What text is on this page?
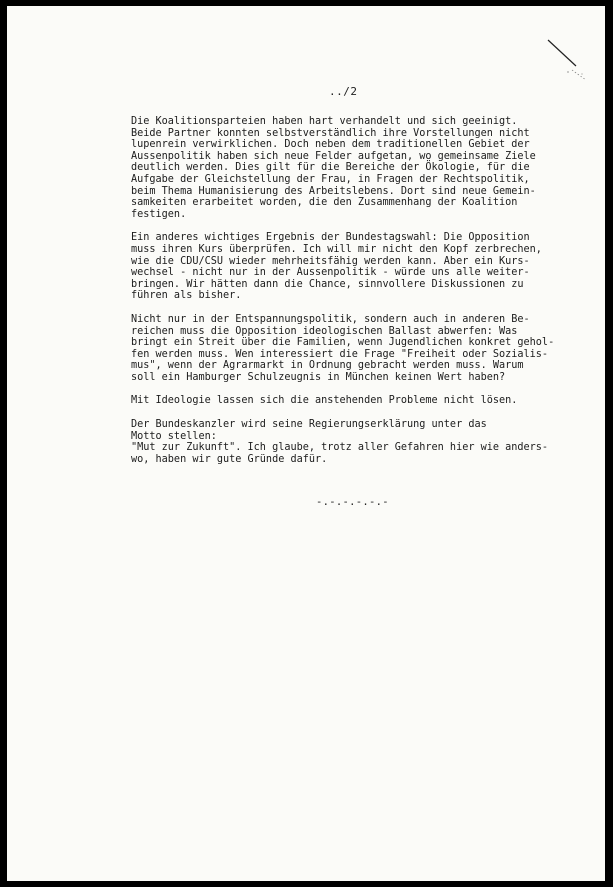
../2

Die Koalitionsparteien haben hart verhandelt und sich geeinigt.
Beide Partner konnten selbstverständlich ihre Vorstellungen nicht
lupenrein verwirklichen. Doch neben dem traditionellen Gebiet der
Aussenpolitik haben sich neue Felder aufgetan, wo gemeinsame Ziele
deutlich werden. Dies gilt für die Bereiche der Ökologie, für die
Aufgabe der Gleichstellung der Frau, in Fragen der Rechtspolitik,
beim Thema Humanisierung des Arbeitslebens. Dort sind neue Gemein-
samkeiten erarbeitet worden, die den Zusammenhang der Koalition
festigen.

Ein anderes wichtiges Ergebnis der Bundestagswahl: Die Opposition
muss ihren Kurs überprüfen. Ich will mir nicht den Kopf zerbrechen,
wie die CDU/CSU wieder mehrheitsfähig werden kann. Aber ein Kurs-
wechsel - nicht nur in der Aussenpolitik - würde uns alle weiter-
bringen. Wir hätten dann die Chance, sinnvollere Diskussionen zu
führen als bisher.

Nicht nur in der Entspannungspolitik, sondern auch in anderen Be-
reichen muss die Opposition ideologischen Ballast abwerfen: Was
bringt ein Streit über die Familien, wenn Jugendlichen konkret gehol-
fen werden muss. Wen interessiert die Frage "Freiheit oder Sozialis-
mus", wenn der Agrarmarkt in Ordnung gebracht werden muss. Warum
soll ein Hamburger Schulzeugnis in München keinen Wert haben?

Mit Ideologie lassen sich die anstehenden Probleme nicht lösen.

Der Bundeskanzler wird seine Regierungserklärung unter das
Motto stellen:
"Mut zur Zukunft". Ich glaube, trotz aller Gefahren hier wie anders-
wo, haben wir gute Gründe dafür.

-.-.-.-.-.-
